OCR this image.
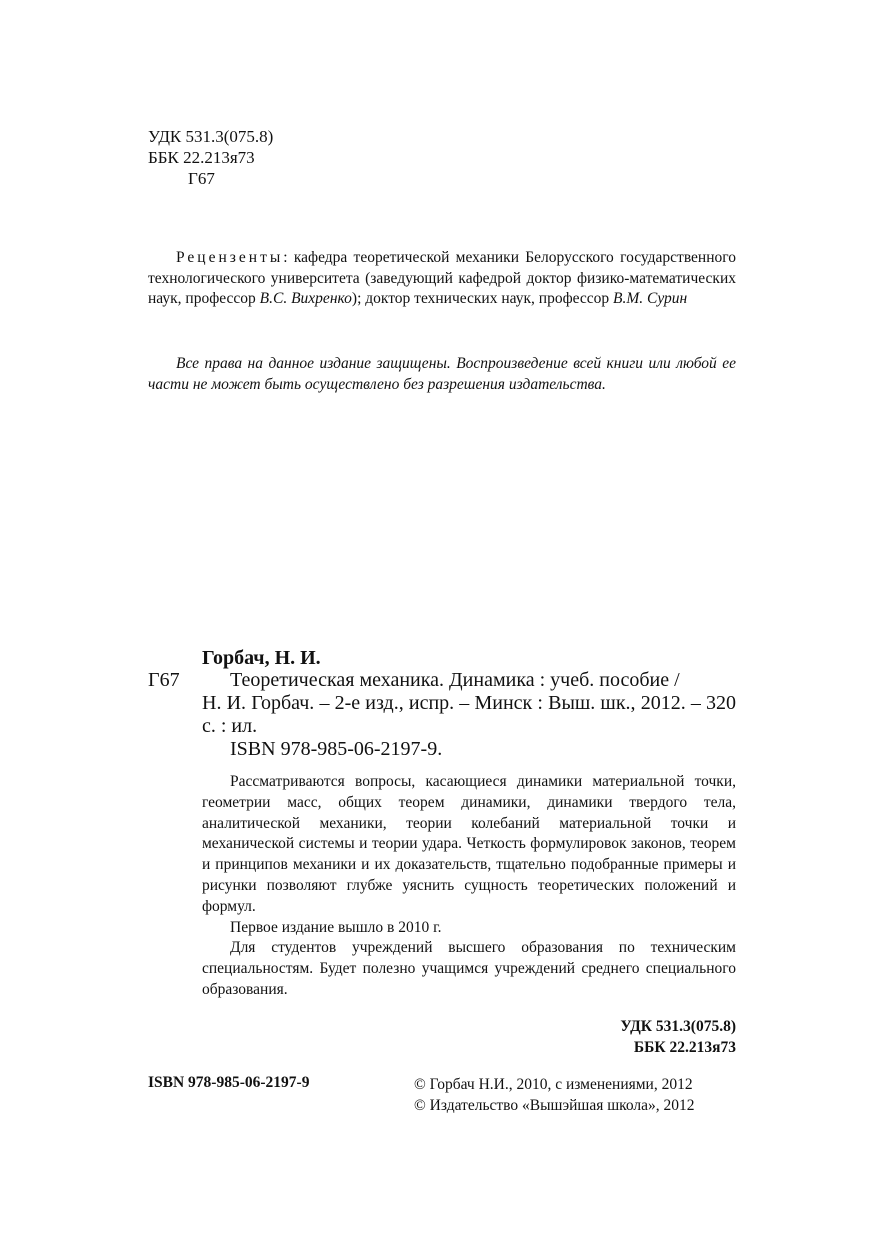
УДК 531.3(075.8)
ББК 22.213я73
Г67
Рецензенты: кафедра теоретической механики Белорусского государственного технологического университета (заведующий кафедрой доктор физико-математических наук, профессор В.С. Вихренко); доктор технических наук, профессор В.М. Сурин
Все права на данное издание защищены. Воспроизведение всей книги или любой ее части не может быть осуществлено без разрешения издательства.
Горбач, Н. И.
Г67	Теоретическая механика. Динамика : учеб. пособие /
Н. И. Горбач. – 2-е изд., испр. – Минск : Выш. шк., 2012. – 320 с. : ил.
ISBN 978-985-06-2197-9.

Рассматриваются вопросы, касающиеся динамики материальной точки, геометрии масс, общих теорем динамики, динамики твердого тела, аналитической механики, теории колебаний материальной точки и механической системы и теории удара. Четкость формулировок законов, теорем и принципов механики и их доказательств, тщательно подобранные примеры и рисунки позволяют глубже уяснить сущность теоретических положений и формул.

Первое издание вышло в 2010 г.

Для студентов учреждений высшего образования по техническим специальностям. Будет полезно учащимся учреждений среднего специального образования.

УДК 531.3(075.8)
ББК 22.213я73
ISBN 978-985-06-2197-9	© Горбач Н.И., 2010, с изменениями, 2012
© Издательство «Вышэйшая школа», 2012
